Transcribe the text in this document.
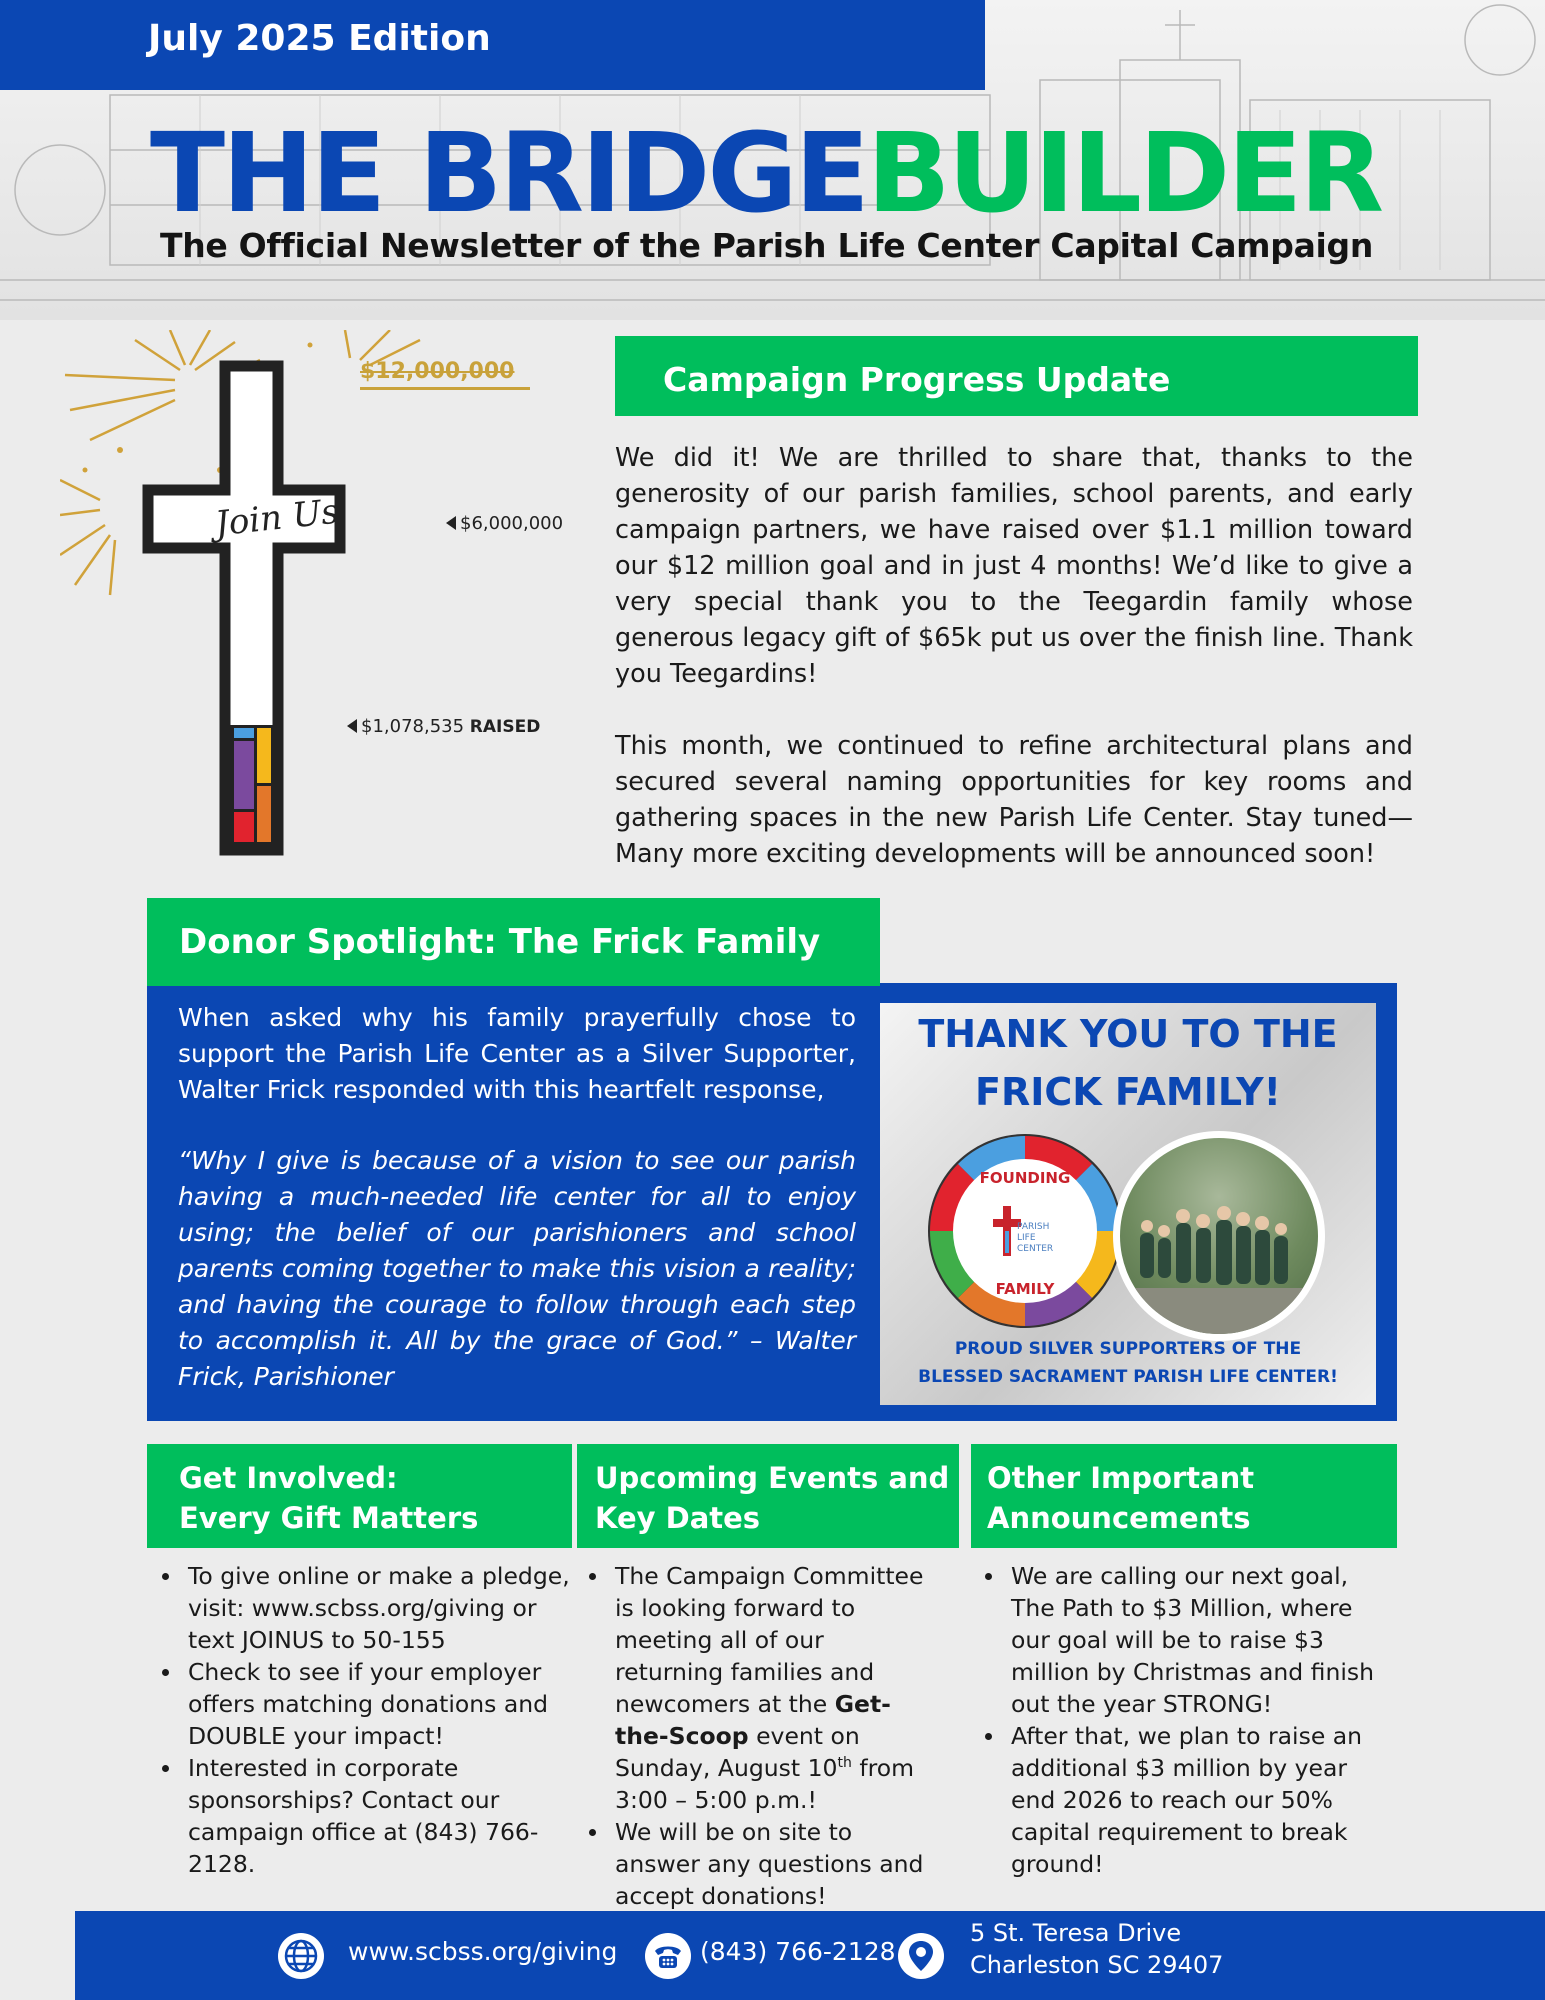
July 2025 Edition
THE BRIDGEBUILDER
The Official Newsletter of the Parish Life Center Capital Campaign
$12,000,000
Join Us	$6,000,000
$1,078,535 RAISED
Campaign Progress Update

We did it! We are thrilled to share that, thanks to the generosity of our parish families, school parents, and early campaign partners, we have raised over $1.1 million toward our $12 million goal and in just 4 months! We’d like to give a very special thank you to the Teegardin family whose generous legacy gift of $65k put us over the finish line. Thank you Teegardins!

This month, we continued to refine architectural plans and secured several naming opportunities for key rooms and gathering spaces in the new Parish Life Center. Stay tuned—Many more exciting developments will be announced soon!

Donor Spotlight: The Frick Family

When asked why his family prayerfully chose to support the Parish Life Center as a Silver Supporter, Walter Frick responded with this heartfelt response,

“Why I give is because of a vision to see our parish having a much-needed life center for all to enjoy using; the belief of our parishioners and school parents coming together to make this vision a reality; and having the courage to follow through each step to accomplish it. All by the grace of God.” – Walter Frick, Parishioner

THANK YOU TO THE
FRICK FAMILY!
FOUNDING
FAMILY
PARISH
LIFE
CENTER
PROUD SILVER SUPPORTERS OF THE
BLESSED SACRAMENT PARISH LIFE CENTER!
Get Involved:
Every Gift Matters
Upcoming Events and
Key Dates
Other Important
Announcements
To give online or make a pledge, visit: www.scbss.org/giving or text JOINUS to 50-155
Check to see if your employer offers matching donations and DOUBLE your impact!
Interested in corporate sponsorships? Contact our campaign office at (843) 766-2128.
The Campaign Committee is looking forward to meeting all of our returning families and newcomers at the Get-the-Scoop event on Sunday, August 10th from 3:00 – 5:00 p.m.!
We will be on site to answer any questions and accept donations!
We are calling our next goal, The Path to $3 Million, where our goal will be to raise $3 million by Christmas and finish out the year STRONG!
After that, we plan to raise an additional $3 million by year end 2026 to reach our 50% capital requirement to break ground!
www.scbss.org/giving	(843) 766-2128
5 St. Teresa Drive
Charleston SC 29407
